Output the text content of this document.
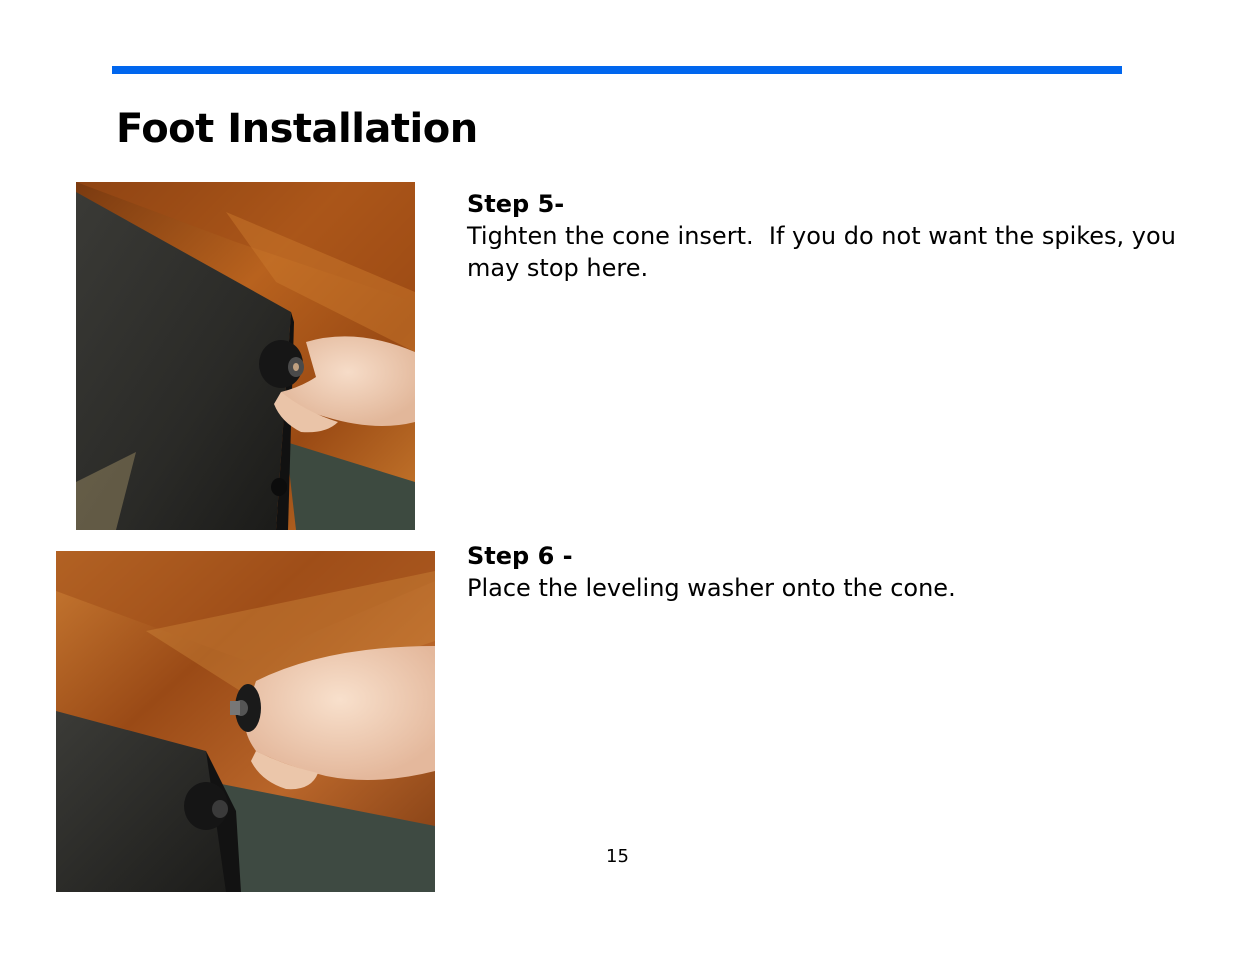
Foot Installation
Step 5-
Tighten the cone insert.  If you do not want the spikes, you may stop here.
Step 6 -
Place the leveling washer onto the cone.
15
